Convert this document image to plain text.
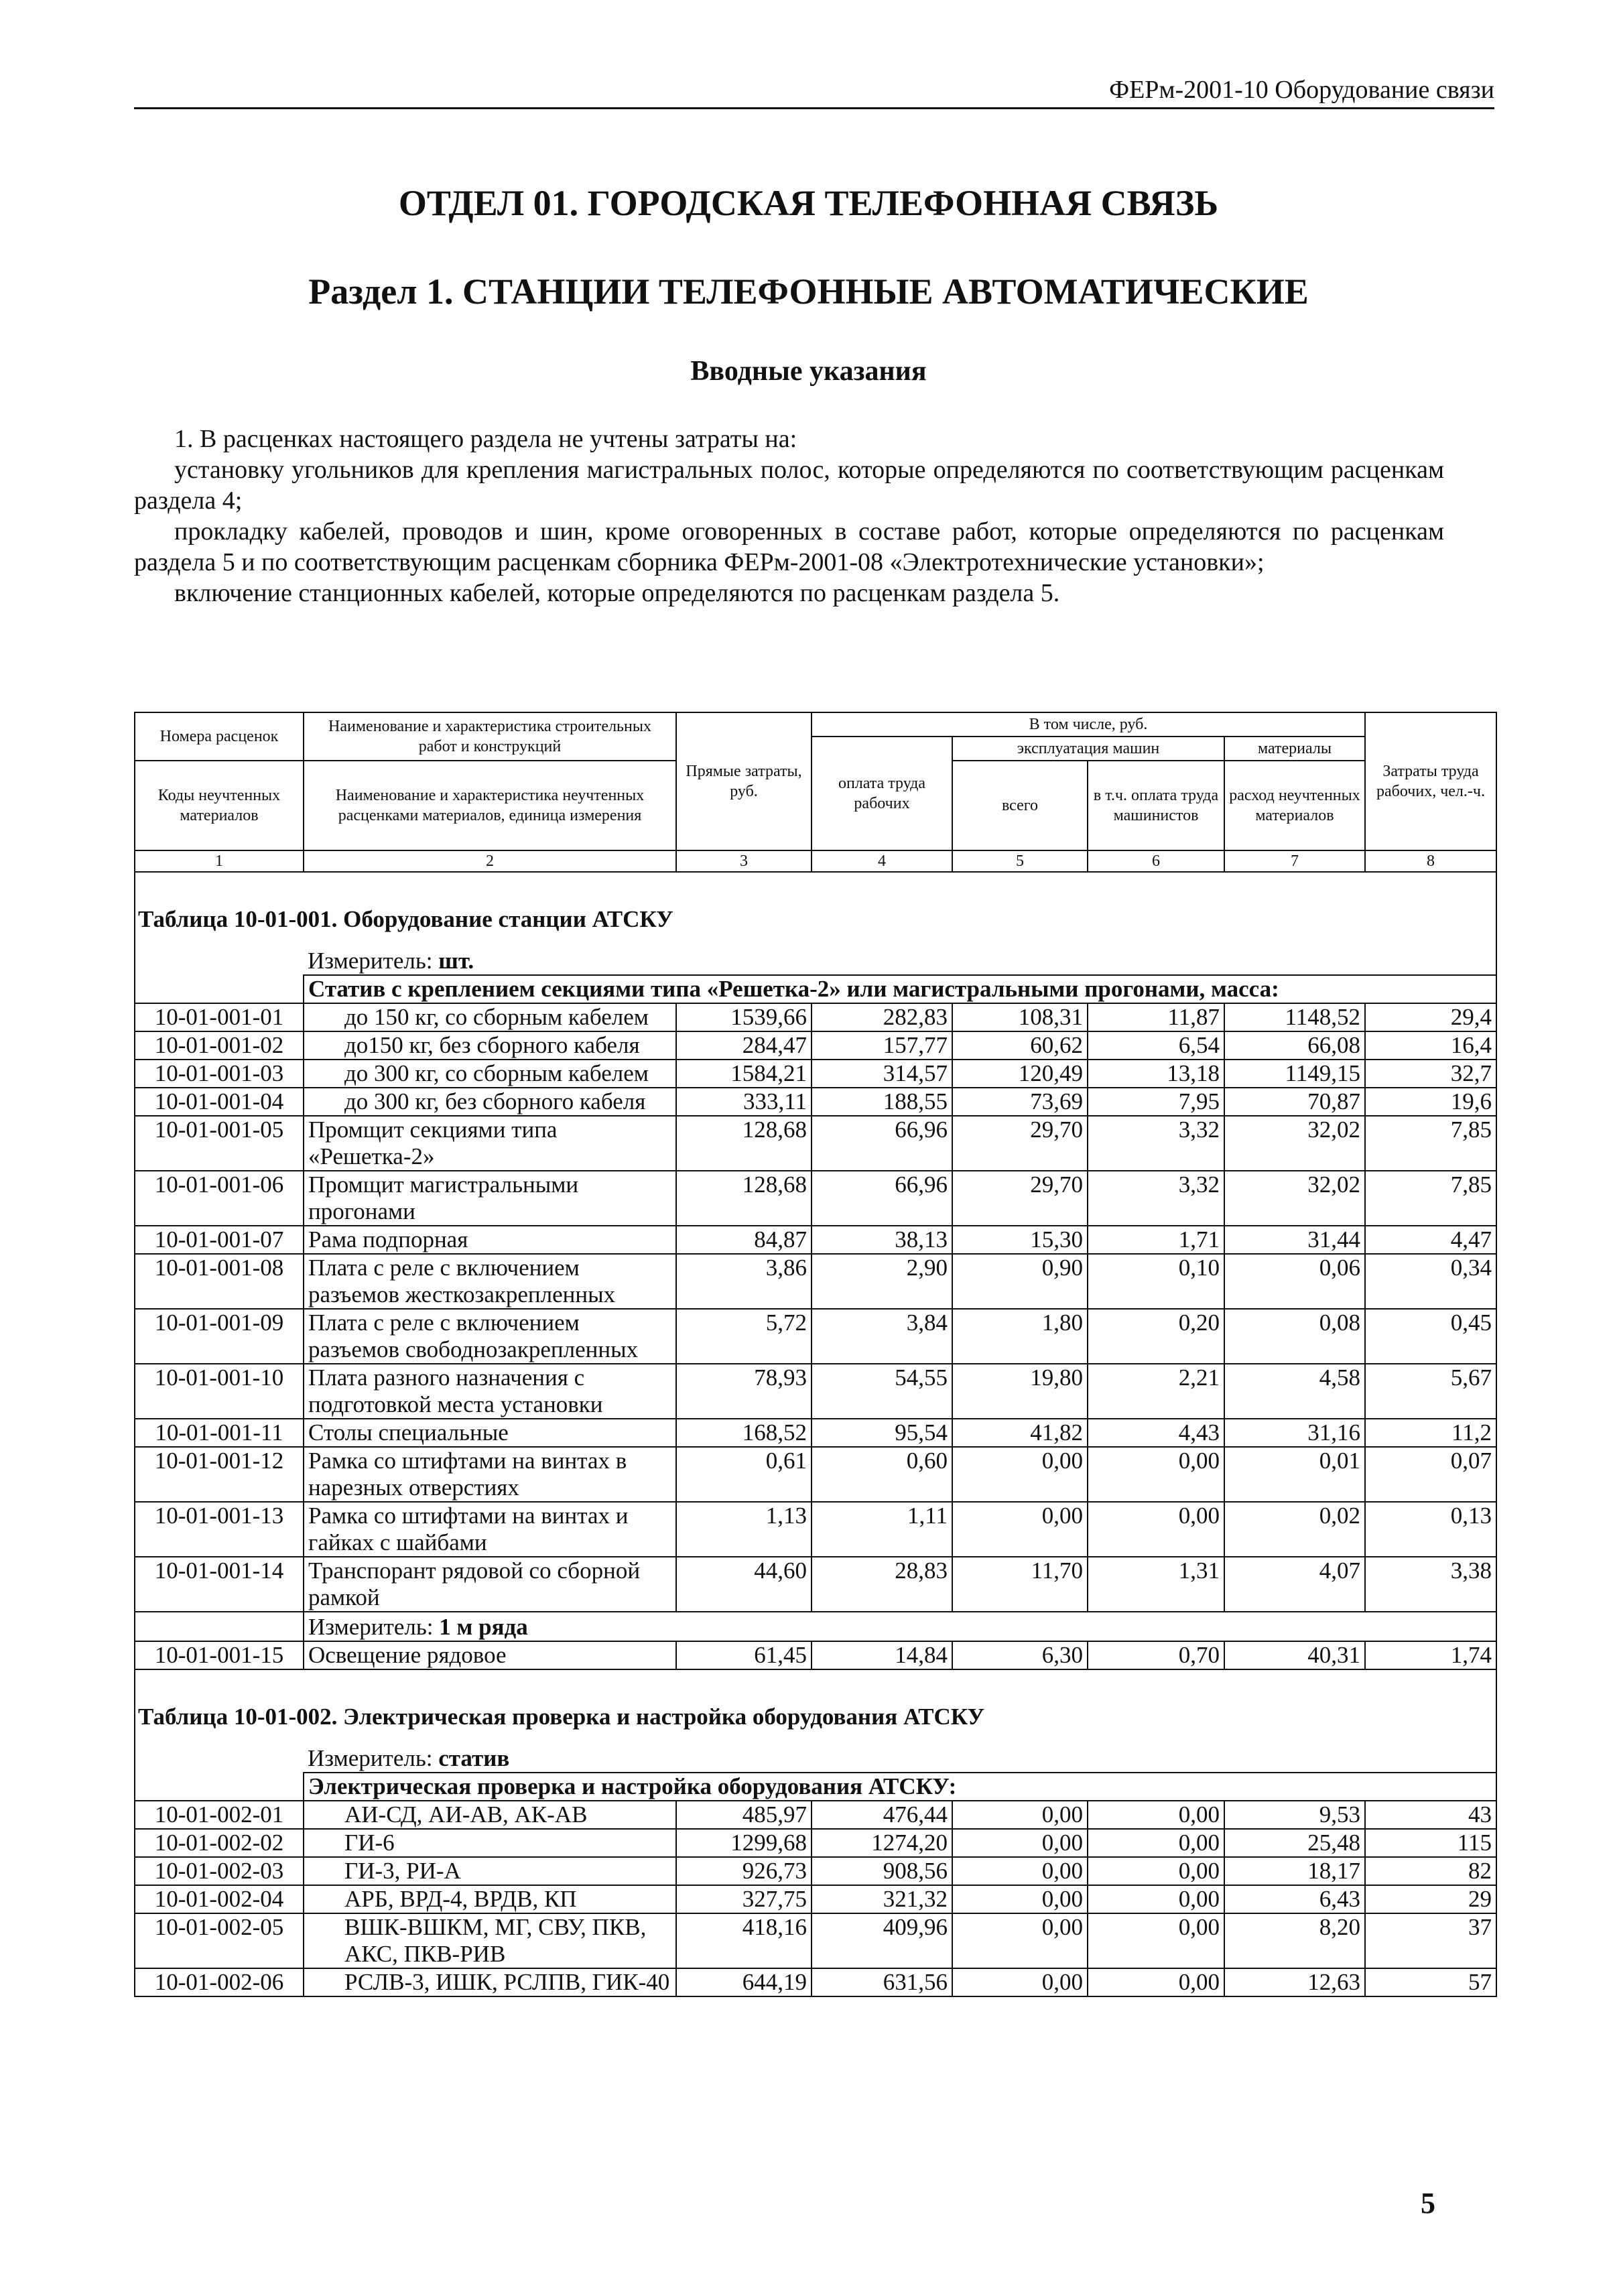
ФЕРм-2001-10 Оборудование связи
ОТДЕЛ 01. ГОРОДСКАЯ ТЕЛЕФОННАЯ СВЯЗЬ
Раздел 1. СТАНЦИИ ТЕЛЕФОННЫЕ АВТОМАТИЧЕСКИЕ
Вводные указания

1. В расценках настоящего раздела не учтены затраты на:

установку угольников для крепления магистральных полос, которые определяются по соответствующим расценкам раздела 4;

прокладку кабелей, проводов и шин, кроме оговоренных в составе работ, которые определяются по расценкам раздела 5 и по соответствующим расценкам сборника ФЕРм-2001-08 «Электротехнические установки»;

включение станционных кабелей, которые определяются по расценкам раздела 5.

Номера расценок	Наименование и характеристика строительных работ и конструкций	Прямые затраты, руб.	В том числе, руб.				Затраты труда рабочих, чел.-ч.
			оплата труда рабочих	эксплуатация машин		материалы	
Коды неучтенных материалов	Наименование и характеристика неучтенных расценками материалов, единица измерения			всего	в т.ч. оплата труда машинистов	расход неучтенных материалов	

1	2	3	4	5	6	7	8
Таблица 10-01-001. Оборудование станции АТСКУ							
	Измеритель: шт.						
	Статив с креплением секциями типа «Решетка-2» или магистральными прогонами, масса:						
10-01-001-01	до 150 кг, со сборным кабелем	1539,66	282,83	108,31	11,87	1148,52	29,4
10-01-001-02	до150 кг, без сборного кабеля	284,47	157,77	60,62	6,54	66,08	16,4
10-01-001-03	до 300 кг, со сборным кабелем	1584,21	314,57	120,49	13,18	1149,15	32,7
10-01-001-04	до 300 кг, без сборного кабеля	333,11	188,55	73,69	7,95	70,87	19,6
10-01-001-05	Промщит секциями типа «Решетка-2»	128,68	66,96	29,70	3,32	32,02	7,85
10-01-001-06	Промщит магистральными прогонами	128,68	66,96	29,70	3,32	32,02	7,85
10-01-001-07	Рама подпорная	84,87	38,13	15,30	1,71	31,44	4,47
10-01-001-08	Плата с реле с включением разъемов жесткозакрепленных	3,86	2,90	0,90	0,10	0,06	0,34
10-01-001-09	Плата с реле с включением разъемов свободнозакрепленных	5,72	3,84	1,80	0,20	0,08	0,45
10-01-001-10	Плата разного назначения с подготовкой места установки	78,93	54,55	19,80	2,21	4,58	5,67
10-01-001-11	Столы специальные	168,52	95,54	41,82	4,43	31,16	11,2
10-01-001-12	Рамка со штифтами на винтах в нарезных отверстиях	0,61	0,60	0,00	0,00	0,01	0,07
10-01-001-13	Рамка со штифтами на винтах и гайках с шайбами	1,13	1,11	0,00	0,00	0,02	0,13
10-01-001-14	Транспорант рядовой со сборной рамкой	44,60	28,83	11,70	1,31	4,07	3,38
	Измеритель: 1 м ряда						
10-01-001-15	Освещение рядовое	61,45	14,84	6,30	0,70	40,31	1,74
Таблица 10-01-002. Электрическая проверка и настройка оборудования АТСКУ							
	Измеритель: статив						
	Электрическая проверка и настройка оборудования АТСКУ:						
10-01-002-01	АИ-СД, АИ-АВ, АК-АВ	485,97	476,44	0,00	0,00	9,53	43
10-01-002-02	ГИ-6	1299,68	1274,20	0,00	0,00	25,48	115
10-01-002-03	ГИ-3, РИ-А	926,73	908,56	0,00	0,00	18,17	82
10-01-002-04	АРБ, ВРД-4, ВРДВ, КП	327,75	321,32	0,00	0,00	6,43	29
10-01-002-05	ВШК-ВШКМ, МГ, СВУ, ПКВ, АКС, ПКВ-РИВ	418,16	409,96	0,00	0,00	8,20	37
10-01-002-06	РСЛВ-3, ИШК, РСЛПВ, ГИК-40	644,19	631,56	0,00	0,00	12,63	57
5
